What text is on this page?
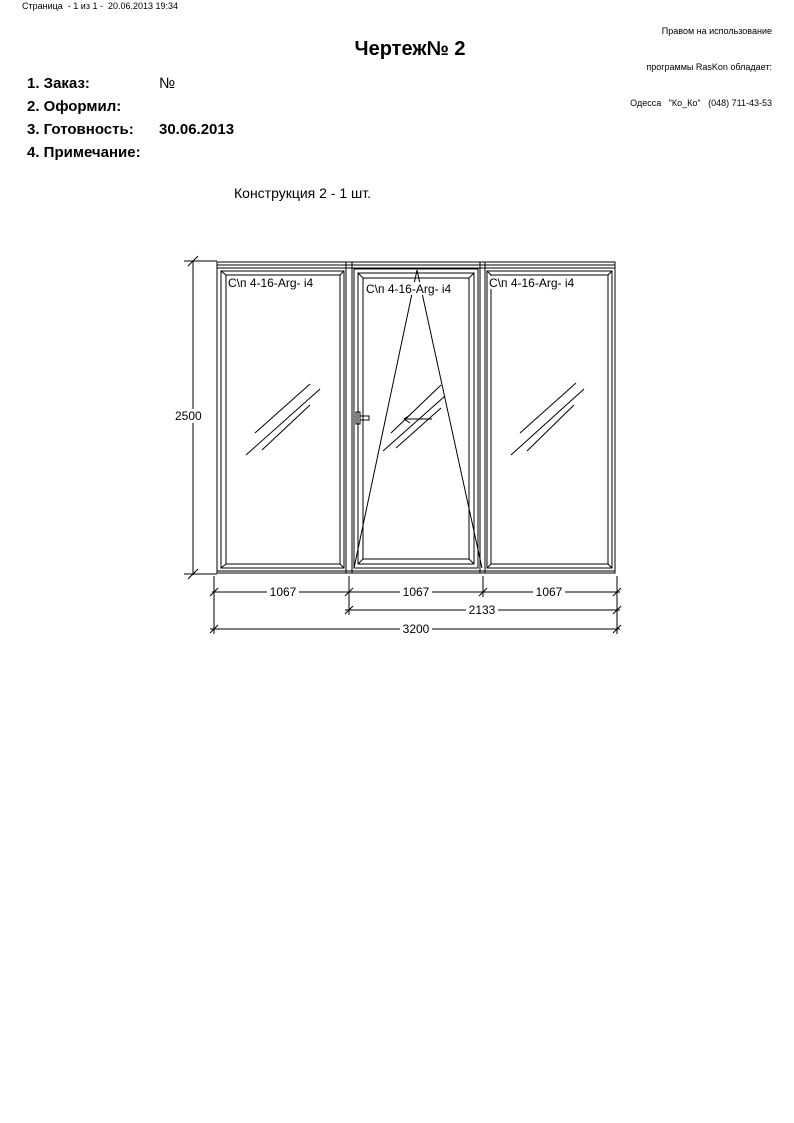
Страница  - 1 из 1 -  20.06.2013 19:34

Правом на использование

программы RasKon обладает:

Одесса   "Ко_Ко"   (048) 711-43-53

Чертеж№ 2
1. Заказ:	№
2. Оформил:
3. Готовность: 30.06.2013
4. Примечание:
Конструкция 2 - 1 шт.
С\п 4-16-Arg- i4	С\п 4-16-Arg- i4	С\п 4-16-Arg- i4
2500
1067	1067	1067
2133
3200
